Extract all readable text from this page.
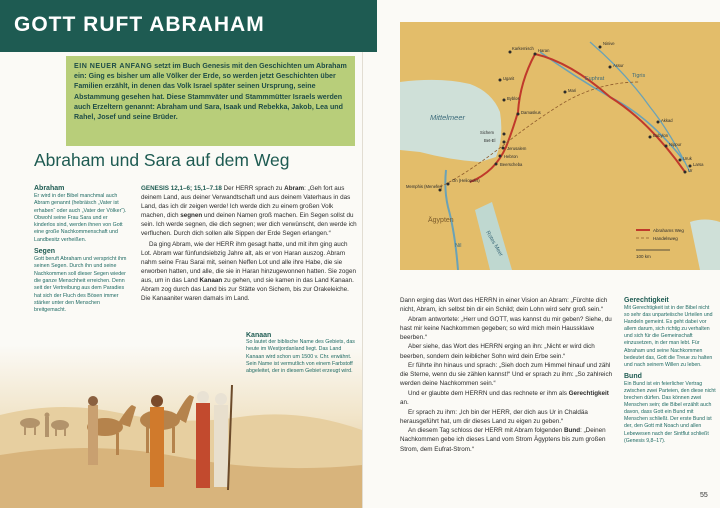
GOTT RUFT ABRAHAM
EIN NEUER ANFANG setzt im Buch Genesis mit den Geschichten um Abraham ein: Ging es bisher um alle Völker der Erde, so werden jetzt Geschichten über Familien erzählt, in denen das Volk Israel später seinen Ursprung, seine Abstammung gesehen hat. Diese Stammväter und Stammmütter Israels werden auch Erzeltern genannt: Abraham und Sara, Isaak und Rebekka, Jakob, Lea und Rahel, Josef und seine Brüder.
Abraham und Sara auf dem Weg
Abraham
Er wird in der Bibel manchmal auch Abram genannt (hebräisch „Vater ist erhaben“ oder auch „Vater der Völker“). Obwohl seine Frau Sara und er kinderlos sind, werden ihnen von Gott eine große Nachkommenschaft und Landbesitz verheißen.
Segen
Gott beruft Abraham und verspricht ihm seinen Segen. Durch ihn und seine Nachkommen soll dieser Segen wieder die ganze Menschheit erreichen. Denn seit der Vertreibung aus dem Paradies hat sich der Fluch des Bösen immer stärker unter den Menschen breitgemacht.

GENESIS 12,1–6; 15,1–7.18 Der HERR sprach zu Abram: „Geh fort aus deinem Land, aus deiner Verwandtschaft und aus deinem Vaterhaus in das Land, das ich dir zeigen werde! Ich werde dich zu einem großen Volk machen, dich segnen und deinen Namen groß machen. Ein Segen sollst du sein. Ich werde segnen, die dich segnen; wer dich verwünscht, den werde ich verfluchen. Durch dich sollen alle Sippen der Erde Segen erlangen.“

Da ging Abram, wie der HERR ihm gesagt hatte, und mit ihm ging auch Lot. Abram war fünfundsiebzig Jahre alt, als er von Haran auszog. Abram nahm seine Frau Sarai mit, seinen Neffen Lot und alle ihre Habe, die sie erworben hatten, und alle, die sie in Haran hinzugewonnen hatten. Sie zogen aus, um in das Land Kanaan zu gehen, und sie kamen in das Land Kanaan. Abram zog durch das Land bis zur Stätte von Sichem, bis zur Orakeleiche. Die Kanaaniter waren damals im Land.

Kanaan
So lautet der biblische Name des Gebiets, das heute im Westjordanland liegt. Das Land Kanaan wird schon um 1500 v. Chr. erwähnt. Sein Name ist vermutlich von einem Farbstoff abgeleitet, der in diesem Gebiet erzeugt wird.
Mittelmeer
Rotes Meer
Nil
Ägypten
Euphrat	Tigris
Karkemisch Haran
Ninive
Ugarit
Mari
Assur
Byblos
Damaskus
Sichem
Bet-El
Jerusalem
Hebron
Beerscheba
Babylon
Ur
Memphis (Menefer)
On (Heliopolis)
Akkad
Uruk
Nippur
Larsa
Abrahams Weg
Handelsweg
100 km

Dann erging das Wort des HERRN in einer Vision an Abram: „Fürchte dich nicht, Abram, ich selbst bin dir ein Schild; dein Lohn wird sehr groß sein.“

Abram antwortete: „Herr und GOTT, was kannst du mir geben? Siehe, du hast mir keine Nachkommen gegeben; so wird mich mein Haussklave beerben.“

Aber siehe, das Wort des HERRN erging an ihn: „Nicht er wird dich beerben, sondern dein leiblicher Sohn wird dein Erbe sein.“

Er führte ihn hinaus und sprach: „Sieh doch zum Himmel hinauf und zähl die Sterne, wenn du sie zählen kannst!“ Und er sprach zu ihm: „So zahlreich werden deine Nachkommen sein.“

Und er glaubte dem HERRN und das rechnete er ihm als Gerechtigkeit an.

Er sprach zu ihm: „Ich bin der HERR, der dich aus Ur in Chaldäa herausgeführt hat, um dir dieses Land zu eigen zu geben.“

An diesem Tag schloss der HERR mit Abram folgenden Bund: „Deinen Nachkommen gebe ich dieses Land vom Strom Ägyptens bis zum großen Strom, dem Eufrat-Strom.“

Gerechtigkeit
Mit Gerechtigkeit ist in der Bibel nicht so sehr das unparteiische Urteilen und Handeln gemeint. Es geht dabei vor allem darum, sich richtig zu verhalten und sich für die Gemeinschaft einzusetzen, in der man lebt. Für Abraham und seine Nachkommen bedeutet das, Gott die Treue zu halten und nach seinem Willen zu leben.
Bund
Ein Bund ist ein feierlicher Vertrag zwischen zwei Parteien, den diese nicht brechen dürfen. Das können zwei Menschen sein; die Bibel erzählt auch davon, dass Gott ein Bund mit Menschen schließt. Der erste Bund ist der, den Gott mit Noach und allen Lebewesen nach der Sintflut schließt (Genesis 9,8–17).
55
